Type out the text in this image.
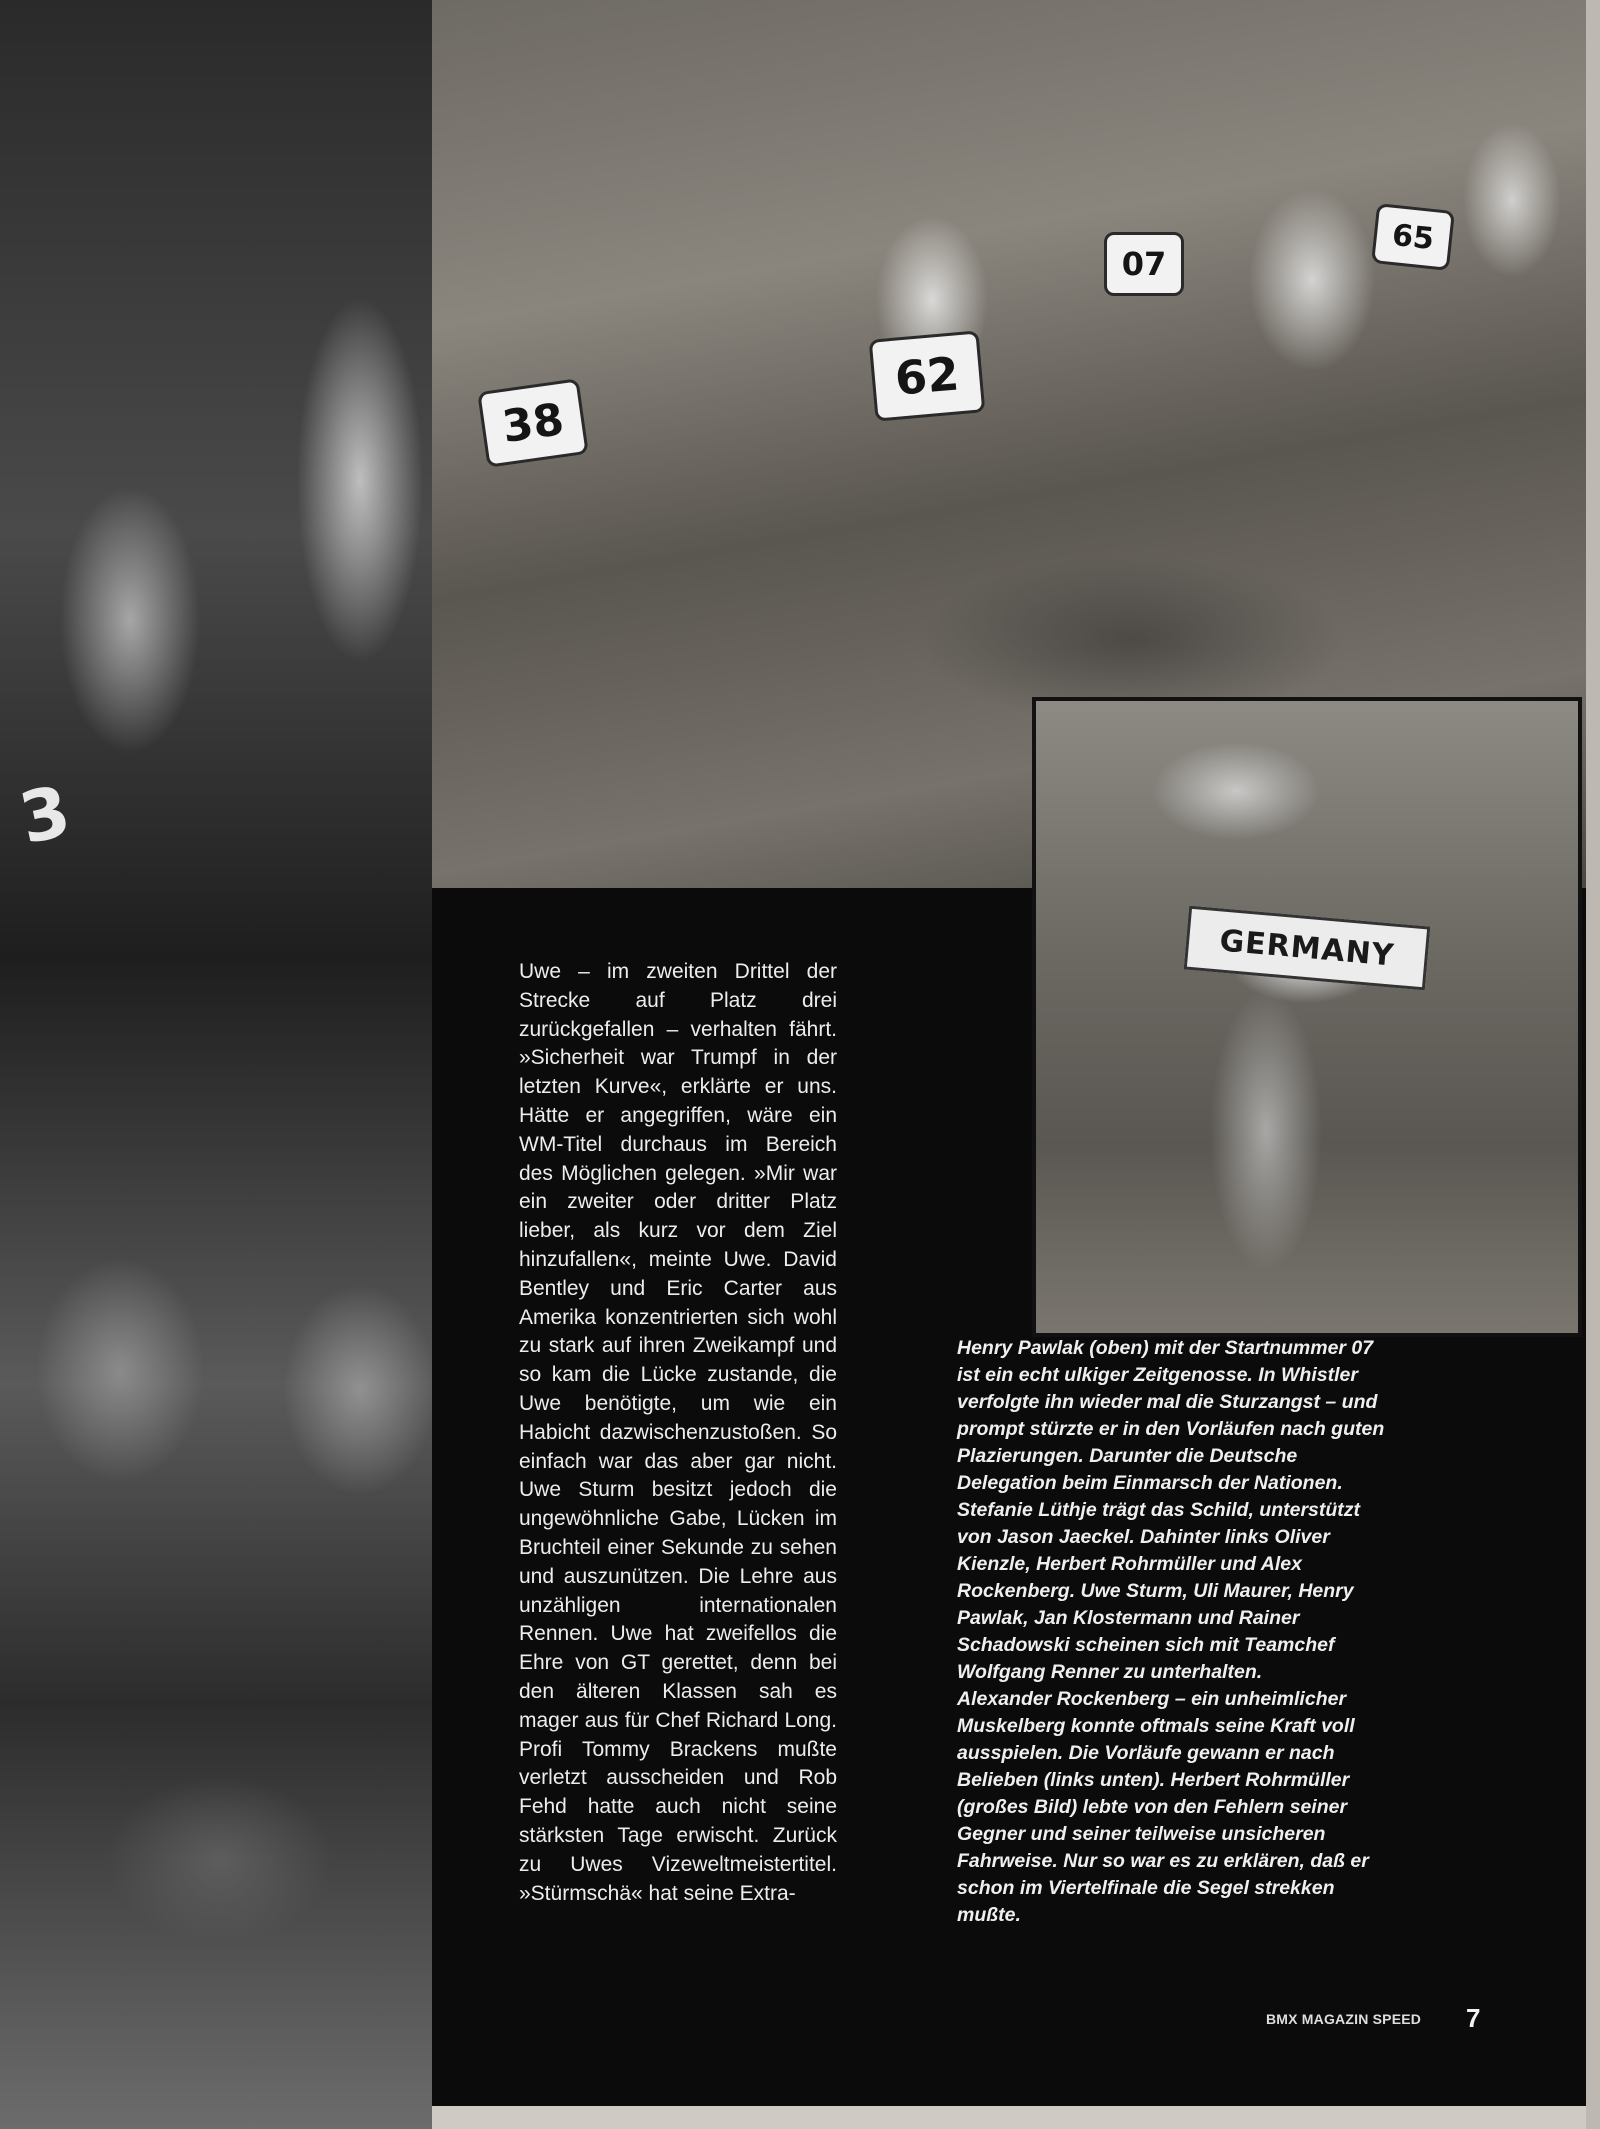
3
38
62
07
65
GERMANY

Uwe – im zweiten Drittel der Strecke auf Platz drei zurückgefallen – verhalten fährt. »Sicherheit war Trumpf in der letzten Kurve«, erklärte er uns. Hätte er angegriffen, wäre ein WM-Titel durchaus im Bereich des Möglichen gelegen. »Mir war ein zweiter oder dritter Platz lieber, als kurz vor dem Ziel hinzufallen«, meinte Uwe. David Bentley und Eric Carter aus Amerika konzentrierten sich wohl zu stark auf ihren Zweikampf und so kam die Lücke zustande, die Uwe benötigte, um wie ein Habicht dazwischenzustoßen. So einfach war das aber gar nicht. Uwe Sturm besitzt jedoch die ungewöhnliche Gabe, Lücken im Bruchteil einer Sekunde zu sehen und auszunützen. Die Lehre aus unzähligen internationalen Rennen. Uwe hat zweifellos die Ehre von GT gerettet, denn bei den älteren Klassen sah es mager aus für Chef Richard Long. Profi Tommy Brackens mußte verletzt ausscheiden und Rob Fehd hatte auch nicht seine stärksten Tage erwischt. Zurück zu Uwes Vizeweltmeistertitel. »Stürmschä« hat seine Extra-

Henry Pawlak (oben) mit der Startnummer 07 ist ein echt ulkiger Zeitgenosse. In Whistler verfolgte ihn wieder mal die Sturzangst – und prompt stürzte er in den Vorläufen nach guten Plazierungen. Darunter die Deutsche Delegation beim Einmarsch der Nationen. Stefanie Lüthje trägt das Schild, unterstützt von Jason Jaeckel. Dahinter links Oliver Kienzle, Herbert Rohrmüller und Alex Rockenberg. Uwe Sturm, Uli Maurer, Henry Pawlak, Jan Klostermann und Rainer Schadowski scheinen sich mit Teamchef Wolfgang Renner zu unterhalten.
Alexander Rockenberg – ein unheimlicher Muskelberg konnte oftmals seine Kraft voll ausspielen. Die Vorläufe gewann er nach Belieben (links unten). Herbert Rohrmüller (großes Bild) lebte von den Fehlern seiner Gegner und seiner teilweise unsicheren Fahrweise. Nur so war es zu erklären, daß er schon im Viertelfinale die Segel strekken mußte.
BMX MAGAZIN SPEED	7
